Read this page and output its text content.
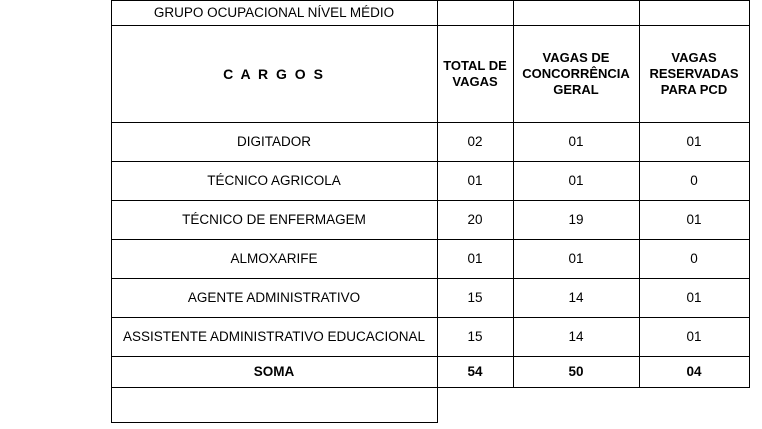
	GRUPO OCUPACIONAL NÍVEL MÉDIO			
	C A R G O S	TOTAL DE VAGAS	VAGAS DE CONCORRÊNCIA GERAL	VAGAS RESERVADAS PARA PCD
	DIGITADOR	02	01	01
	TÉCNICO AGRICOLA	01	01	0
	TÉCNICO DE ENFERMAGEM	20	19	01
	ALMOXARIFE	01	01	0
	AGENTE ADMINISTRATIVO	15	14	01
	ASSISTENTE ADMINISTRATIVO EDUCACIONAL	15	14	01
	SOMA	54	50	04
